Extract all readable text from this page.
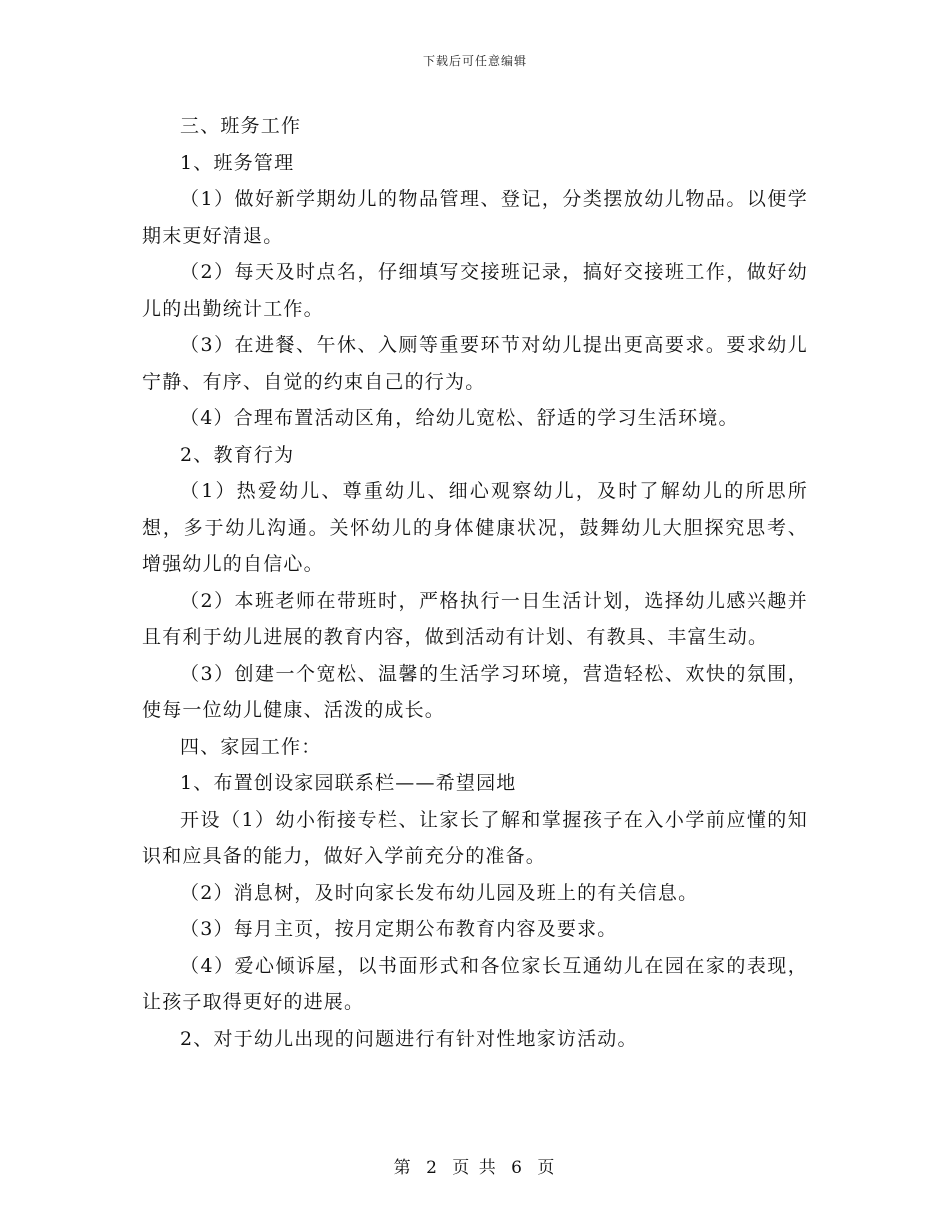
下载后可任意编辑

三、班务工作

1、班务管理

（1）做好新学期幼儿的物品管理、登记，分类摆放幼儿物品。以便学期末更好清退。

（2）每天及时点名，仔细填写交接班记录，搞好交接班工作，做好幼儿的出勤统计工作。

（3）在进餐、午休、入厕等重要环节对幼儿提出更高要求。要求幼儿宁静、有序、自觉的约束自己的行为。

（4）合理布置活动区角，给幼儿宽松、舒适的学习生活环境。

2、教育行为

（1）热爱幼儿、尊重幼儿、细心观察幼儿，及时了解幼儿的所思所想，多于幼儿沟通。关怀幼儿的身体健康状况，鼓舞幼儿大胆探究思考、增强幼儿的自信心。

（2）本班老师在带班时，严格执行一日生活计划，选择幼儿感兴趣并且有利于幼儿进展的教育内容，做到活动有计划、有教具、丰富生动。

（3）创建一个宽松、温馨的生活学习环境，营造轻松、欢快的氛围，使每一位幼儿健康、活泼的成长。

四、家园工作：

1、布置创设家园联系栏——希望园地

开设（1）幼小衔接专栏、让家长了解和掌握孩子在入小学前应懂的知识和应具备的能力，做好入学前充分的准备。

（2）消息树，及时向家长发布幼儿园及班上的有关信息。

（3）每月主页，按月定期公布教育内容及要求。

（4）爱心倾诉屋，以书面形式和各位家长互通幼儿在园在家的表现，让孩子取得更好的进展。

2、对于幼儿出现的问题进行有针对性地家访活动。

第 2 页 共 6 页
